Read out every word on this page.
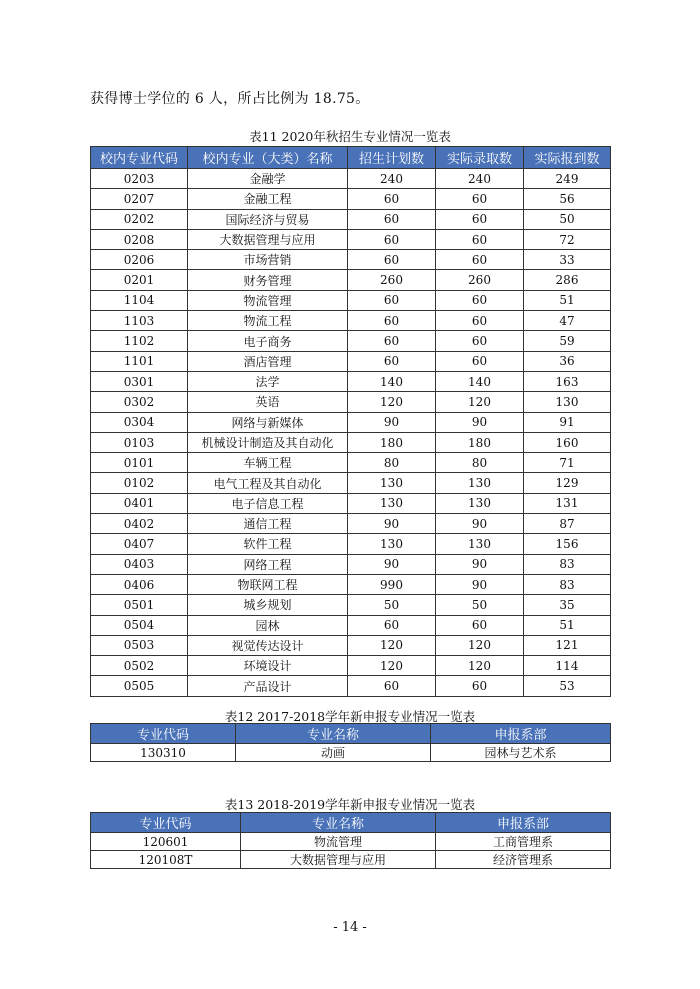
获得博士学位的 6 人，所占比例为 18.75。
表11 2020年秋招生专业情况一览表
校内专业代码	校内专业（大类）名称	招生计划数	实际录取数	实际报到数
0203	金融学	240	240	249
0207	金融工程	60	60	56
0202	国际经济与贸易	60	60	50
0208	大数据管理与应用	60	60	72
0206	市场营销	60	60	33
0201	财务管理	260	260	286
1104	物流管理	60	60	51
1103	物流工程	60	60	47
1102	电子商务	60	60	59
1101	酒店管理	60	60	36
0301	法学	140	140	163
0302	英语	120	120	130
0304	网络与新媒体	90	90	91
0103	机械设计制造及其自动化	180	180	160
0101	车辆工程	80	80	71
0102	电气工程及其自动化	130	130	129
0401	电子信息工程	130	130	131
0402	通信工程	90	90	87
0407	软件工程	130	130	156
0403	网络工程	90	90	83
0406	物联网工程	990	90	83
0501	城乡规划	50	50	35
0504	园林	60	60	51
0503	视觉传达设计	120	120	121
0502	环境设计	120	120	114
0505	产品设计	60	60	53
表12 2017-2018学年新申报专业情况一览表
专业代码	专业名称	申报系部
130310	动画	园林与艺术系
表13 2018-2019学年新申报专业情况一览表
专业代码	专业名称	申报系部
120601	物流管理	工商管理系
120108T	大数据管理与应用	经济管理系
- 14 -
